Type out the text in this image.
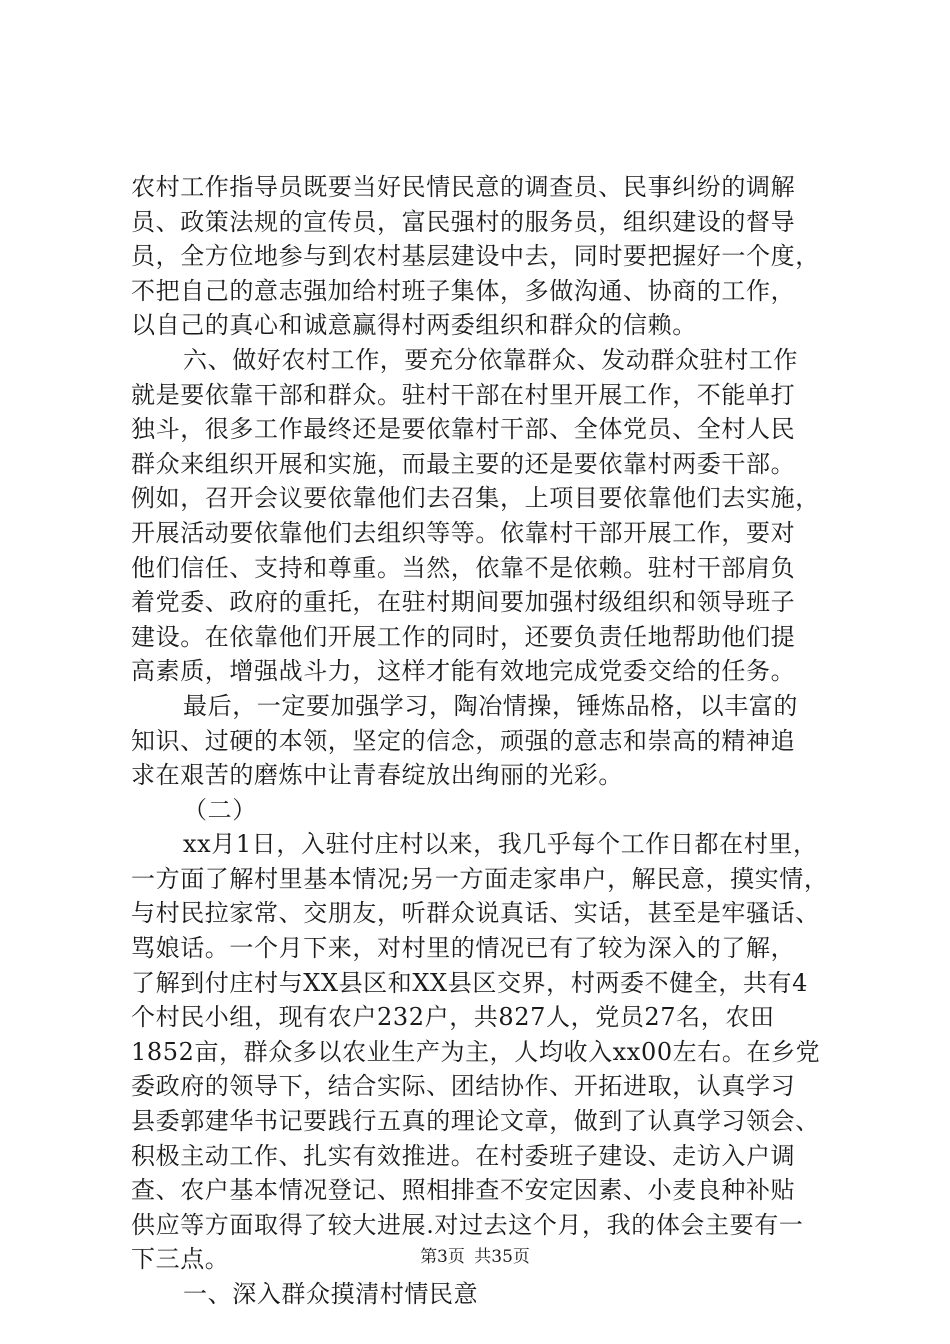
农村工作指导员既要当好民情民意的调查员、民事纠纷的调解
员、政策法规的宣传员，富民强村的服务员，组织建设的督导
员，全方位地参与到农村基层建设中去，同时要把握好一个度，
不把自己的意志强加给村班子集体，多做沟通、协商的工作，
以自己的真心和诚意赢得村两委组织和群众的信赖。
六、做好农村工作，要充分依靠群众、发动群众驻村工作
就是要依靠干部和群众。驻村干部在村里开展工作，不能单打
独斗，很多工作最终还是要依靠村干部、全体党员、全村人民
群众来组织开展和实施，而最主要的还是要依靠村两委干部。
例如，召开会议要依靠他们去召集，上项目要依靠他们去实施，
开展活动要依靠他们去组织等等。依靠村干部开展工作，要对
他们信任、支持和尊重。当然，依靠不是依赖。驻村干部肩负
着党委、政府的重托，在驻村期间要加强村级组织和领导班子
建设。在依靠他们开展工作的同时，还要负责任地帮助他们提
高素质，增强战斗力，这样才能有效地完成党委交给的任务。
最后，一定要加强学习，陶冶情操，锤炼品格，以丰富的
知识、过硬的本领，坚定的信念，顽强的意志和崇高的精神追
求在艰苦的磨炼中让青春绽放出绚丽的光彩。
（二）
xx月1日，入驻付庄村以来，我几乎每个工作日都在村里，
一方面了解村里基本情况;另一方面走家串户，解民意，摸实情，
与村民拉家常、交朋友，听群众说真话、实话，甚至是牢骚话、
骂娘话。一个月下来，对村里的情况已有了较为深入的了解，
了解到付庄村与XX县区和XX县区交界，村两委不健全，共有4
个村民小组，现有农户232户，共827人，党员27名，农田
1852亩，群众多以农业生产为主，人均收入xx00左右。在乡党
委政府的领导下，结合实际、团结协作、开拓进取，认真学习
县委郭建华书记要践行五真的理论文章，做到了认真学习领会、
积极主动工作、扎实有效推进。在村委班子建设、走访入户调
查、农户基本情况登记、照相排查不安定因素、小麦良种补贴
供应等方面取得了较大进展.对过去这个月，我的体会主要有一
下三点。
一、深入群众摸清村情民意
第3页 共35页
